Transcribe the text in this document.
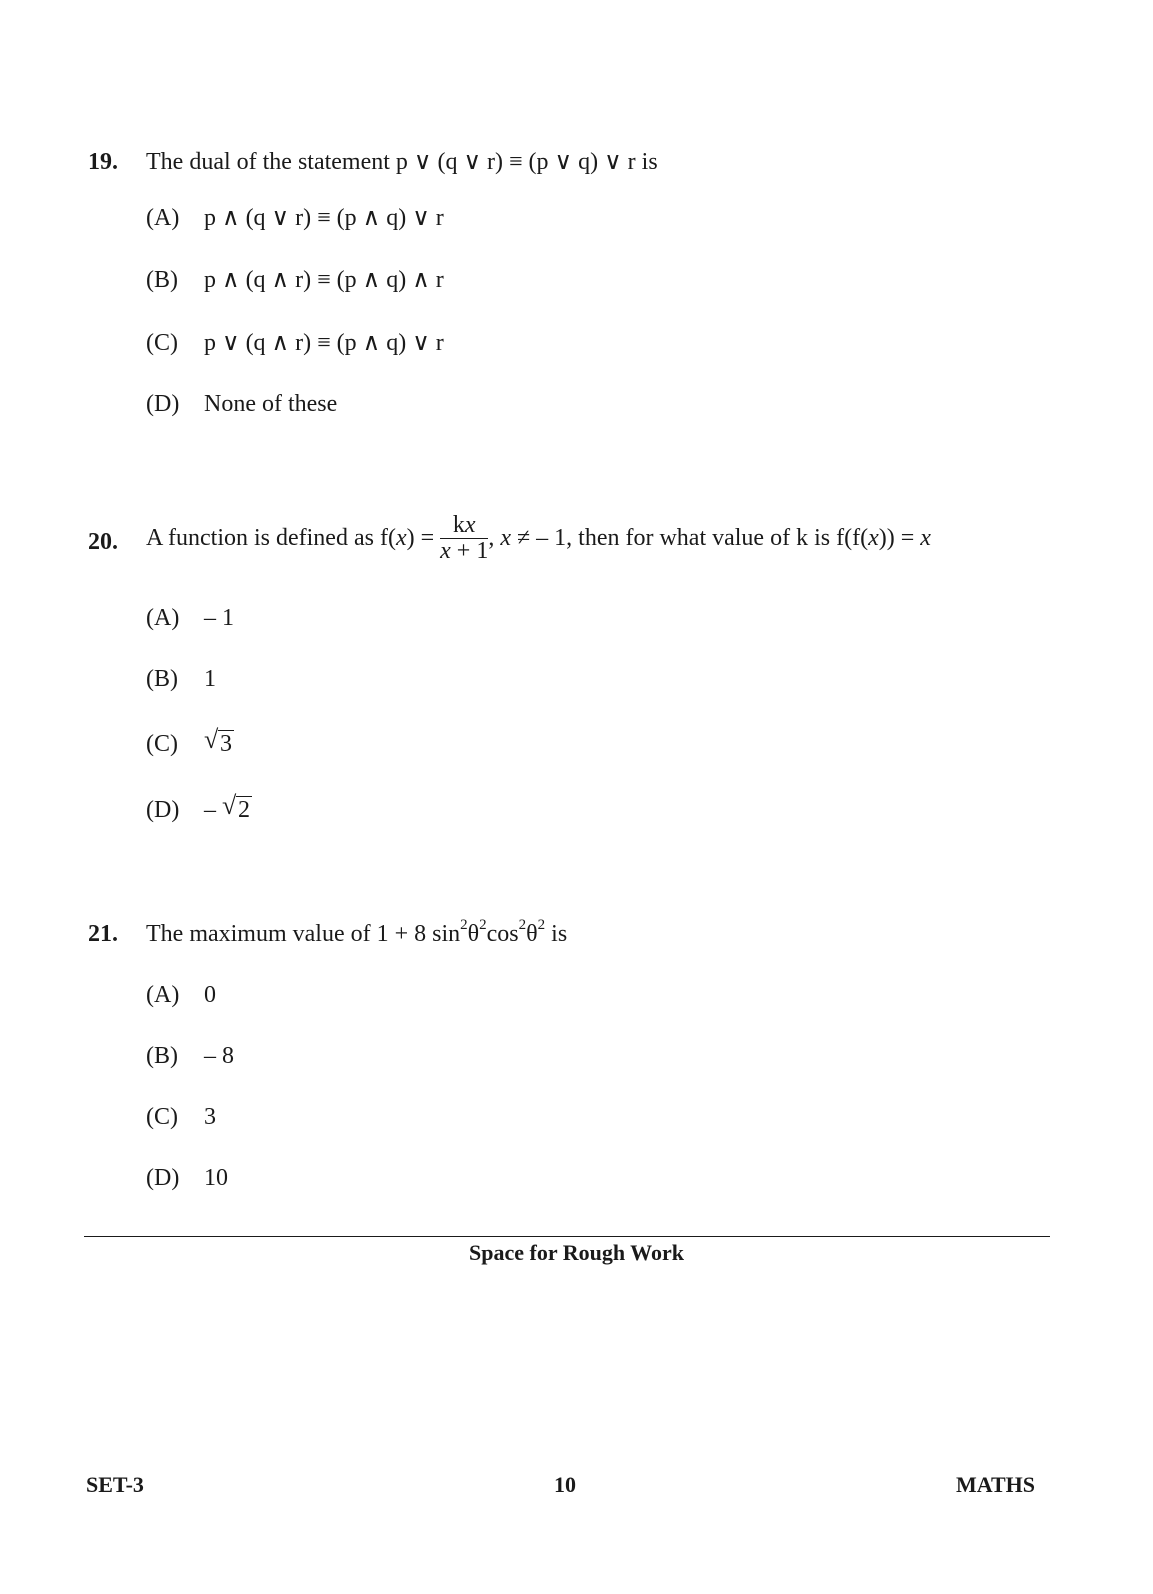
19. The dual of the statement p ∨ (q ∨ r) ≡ (p ∨ q) ∨ r is
(A) p ∧ (q ∨ r) ≡ (p ∧ q) ∨ r
(B) p ∧ (q ∧ r) ≡ (p ∧ q) ∧ r
(C) p ∨ (q ∧ r) ≡ (p ∧ q) ∨ r
(D) None of these
20. A function is defined as $f(x) = \frac{kx}{x + 1}$ , x ≠ – 1, then for what value of k is f(f(x)) = x
(A) – 1
(B) 1
(C) √ 3
(D) – √ 2
21. The maximum value of 1 + 8 $\sin^2\theta^2\cos^2\theta^2$ is
(A) 0
(B) – 8
(C) 3
(D) 10
Space for Rough Work
SET-3	10	MATHS
